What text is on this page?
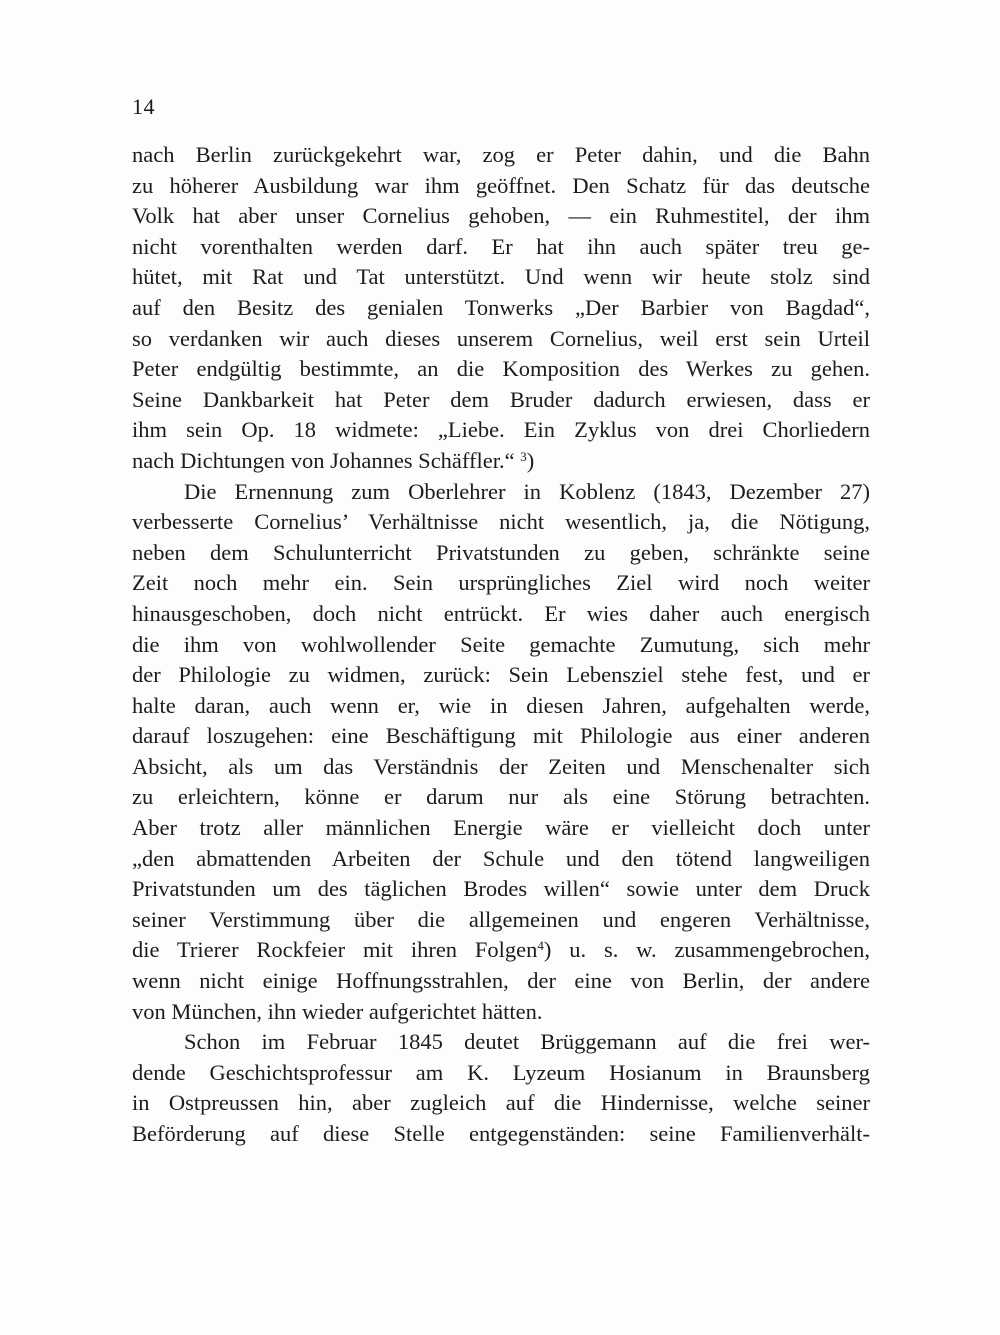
14
nach Berlin zurückgekehrt war, zog er Peter dahin, und die Bahn
zu höherer Ausbildung war ihm geöffnet. Den Schatz für das deutsche
Volk hat aber unser Cornelius gehoben, — ein Ruhmestitel, der ihm
nicht vorenthalten werden darf. Er hat ihn auch später treu ge-
hütet, mit Rat und Tat unterstützt. Und wenn wir heute stolz sind
auf den Besitz des genialen Tonwerks „Der Barbier von Bagdad“,
so verdanken wir auch dieses unserem Cornelius, weil erst sein Urteil
Peter endgültig bestimmte, an die Komposition des Werkes zu gehen.
Seine Dankbarkeit hat Peter dem Bruder dadurch erwiesen, dass er
ihm sein Op. 18 widmete: „Liebe. Ein Zyklus von drei Chorliedern
nach Dichtungen von Johannes Schäffler.“ $^3$)
Die Ernennung zum Oberlehrer in Koblenz (1843, Dezember 27)
verbesserte Cornelius’ Verhältnisse nicht wesentlich, ja, die Nötigung,
neben dem Schulunterricht Privatstunden zu geben, schränkte seine
Zeit noch mehr ein. Sein ursprüngliches Ziel wird noch weiter
hinausgeschoben, doch nicht entrückt. Er wies daher auch energisch
die ihm von wohlwollender Seite gemachte Zumutung, sich mehr
der Philologie zu widmen, zurück: Sein Lebensziel stehe fest, und er
halte daran, auch wenn er, wie in diesen Jahren, aufgehalten werde,
darauf loszugehen: eine Beschäftigung mit Philologie aus einer anderen
Absicht, als um das Verständnis der Zeiten und Menschenalter sich
zu erleichtern, könne er darum nur als eine Störung betrachten.
Aber trotz aller männlichen Energie wäre er vielleicht doch unter
„den abmattenden Arbeiten der Schule und den tötend langweiligen
Privatstunden um des täglichen Brodes willen“ sowie unter dem Druck
seiner Verstimmung über die allgemeinen und engeren Verhältnisse,
die Trierer Rockfeier mit ihren Folgen$^4$) u. s. w. zusammengebrochen,
wenn nicht einige Hoffnungsstrahlen, der eine von Berlin, der andere
von München, ihn wieder aufgerichtet hätten.
Schon im Februar 1845 deutet Brüggemann auf die frei wer-
dende Geschichtsprofessur am K. Lyzeum Hosianum in Braunsberg
in Ostpreussen hin, aber zugleich auf die Hindernisse, welche seiner
Beförderung auf diese Stelle entgegenständen: seine Familienverhält-
